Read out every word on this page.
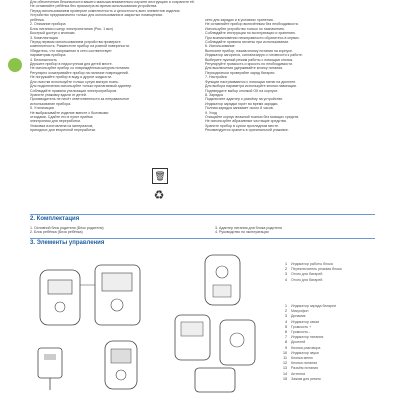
Для обеспечения безопасности вашего малыша внимательно изучите инструкцию и сохраните её.
Не оставляйте ребёнка без присмотра во время использования устройства.
Перед использованием проверьте комплектность и целостность всех элементов изделия.
Устройство предназначено только для использования в закрытых помещениях.
ребёнка.
2. Описание прибора
Блок питания и шнур электропитания (Рис. 1 вкл)
Быстрый доступ к кнопкам
3. Комплектация
Перед первым использованием устройства проверьте
комплектность. Разместите прибор на ровной поверхности.
Убедитесь, что напряжение в сети соответствует
параметрам прибора.
4. Безопасность
Держите прибор в недоступном для детей месте.
Не используйте прибор со повреждённым шнуром питания.
Регулярно осматривайте прибор на наличие повреждений.
Не погружайте прибор в воду и другие жидкости.
Для очистки используйте только сухую мягкую ткань.
Для подключения используйте только прилагаемый адаптер.
Соблюдайте правила утилизации электроприборов.
Храните упаковку вдали от детей.
Производитель не несёт ответственности за неправильное
использование прибора.
5. Утилизация
Не выбрасывайте изделие вместе с бытовыми
отходами. Сдайте его в пункт приёма
электроники для переработки.
Упаковка изготовлена из материалов,
пригодных для вторичной переработки.
сети для зарядки и в условиях хранения.
Не оставляйте прибор включённым без необходимости.
Используйте устройство только по назначению.
Соблюдайте инструкции по эксплуатации и хранению.
При возникновении неисправности обратитесь в сервис.
Соблюдайте правила гигиены при использовании.
6. Использование
Включите прибор, нажав кнопку питания на корпусе.
Индикатор загорится, сигнализируя о готовности к работе.
Выберите нужный режим работы с помощью кнопок.
Регулируйте громкость и яркость по необходимости.
Для выключения удерживайте кнопку питания.
Периодически проверяйте заряд батареи.
7. Настройка
Функции настраиваются с помощью меню на дисплее.
Для выбора параметра используйте кнопки навигации.
Подтвердите выбор кнопкой ОК на корпусе.
8. Зарядка
Подключите адаптер к разъёму на устройстве.
Индикатор зарядки горит во время зарядки.
Полная зарядка занимает около 8 часов.
9. Уход
Очищайте корпус влажной тканью без моющих средств.
Не используйте абразивные чистящие средства.
Храните прибор в сухом прохладном месте.
Рекомендуется хранить в оригинальной упаковке.
🗑
♻
2. Комплектация
1. Основной блок родителя (Блок родителя)
2. Блок ребёнка (Блок ребёнка)
3. Адаптер питания для блока родителя
4. Руководство по эксплуатации
3. Элементы управления
1 Индикатор работы блока
2 Переключатель режима блока
3 Отсек для батарей
4 Отсек для батарей
1 Индикатор заряда батареи
2 Микрофон
3 Динамик
4 Индикатор связи
5 Громкость +
6 Громкость -
7 Индикатор питания
8 Дисплей
9 Кнопка разговора
10 Индикатор звука
11 Кнопка меню
12 Кнопка питания
13 Разъём питания
14 Антенна
15 Зажим для ремня
